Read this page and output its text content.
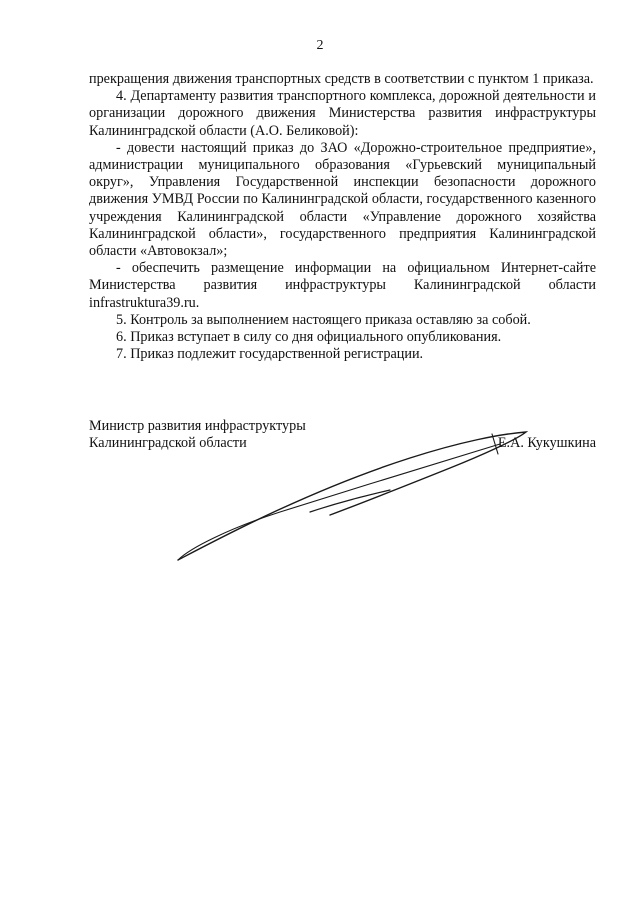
2

прекращения движения транспортных средств в соответствии с пунктом 1 приказа.

4. Департаменту развития транспортного комплекса, дорожной деятельности и организации дорожного движения Министерства развития инфраструктуры Калининградской области (А.О. Беликовой):

- довести настоящий приказ до ЗАО «Дорожно-строительное предприятие», администрации муниципального образования «Гурьевский муниципальный округ», Управления Государственной инспекции безопасности дорожного движения УМВД России по Калининградской области, государственного казенного учреждения Калининградской области «Управление дорожного хозяйства Калининградской области», государственного предприятия Калининградской области «Автовокзал»;

- обеспечить размещение информации на официальном Интернет-сайте Министерства развития инфраструктуры Калининградской области infrastruktura39.ru.

5. Контроль за выполнением настоящего приказа оставляю за собой.

6. Приказ вступает в силу со дня официального опубликования.

7. Приказ подлежит государственной регистрации.

Министр развития инфраструктуры
Калининградской области	Е.А. Кукушкина
